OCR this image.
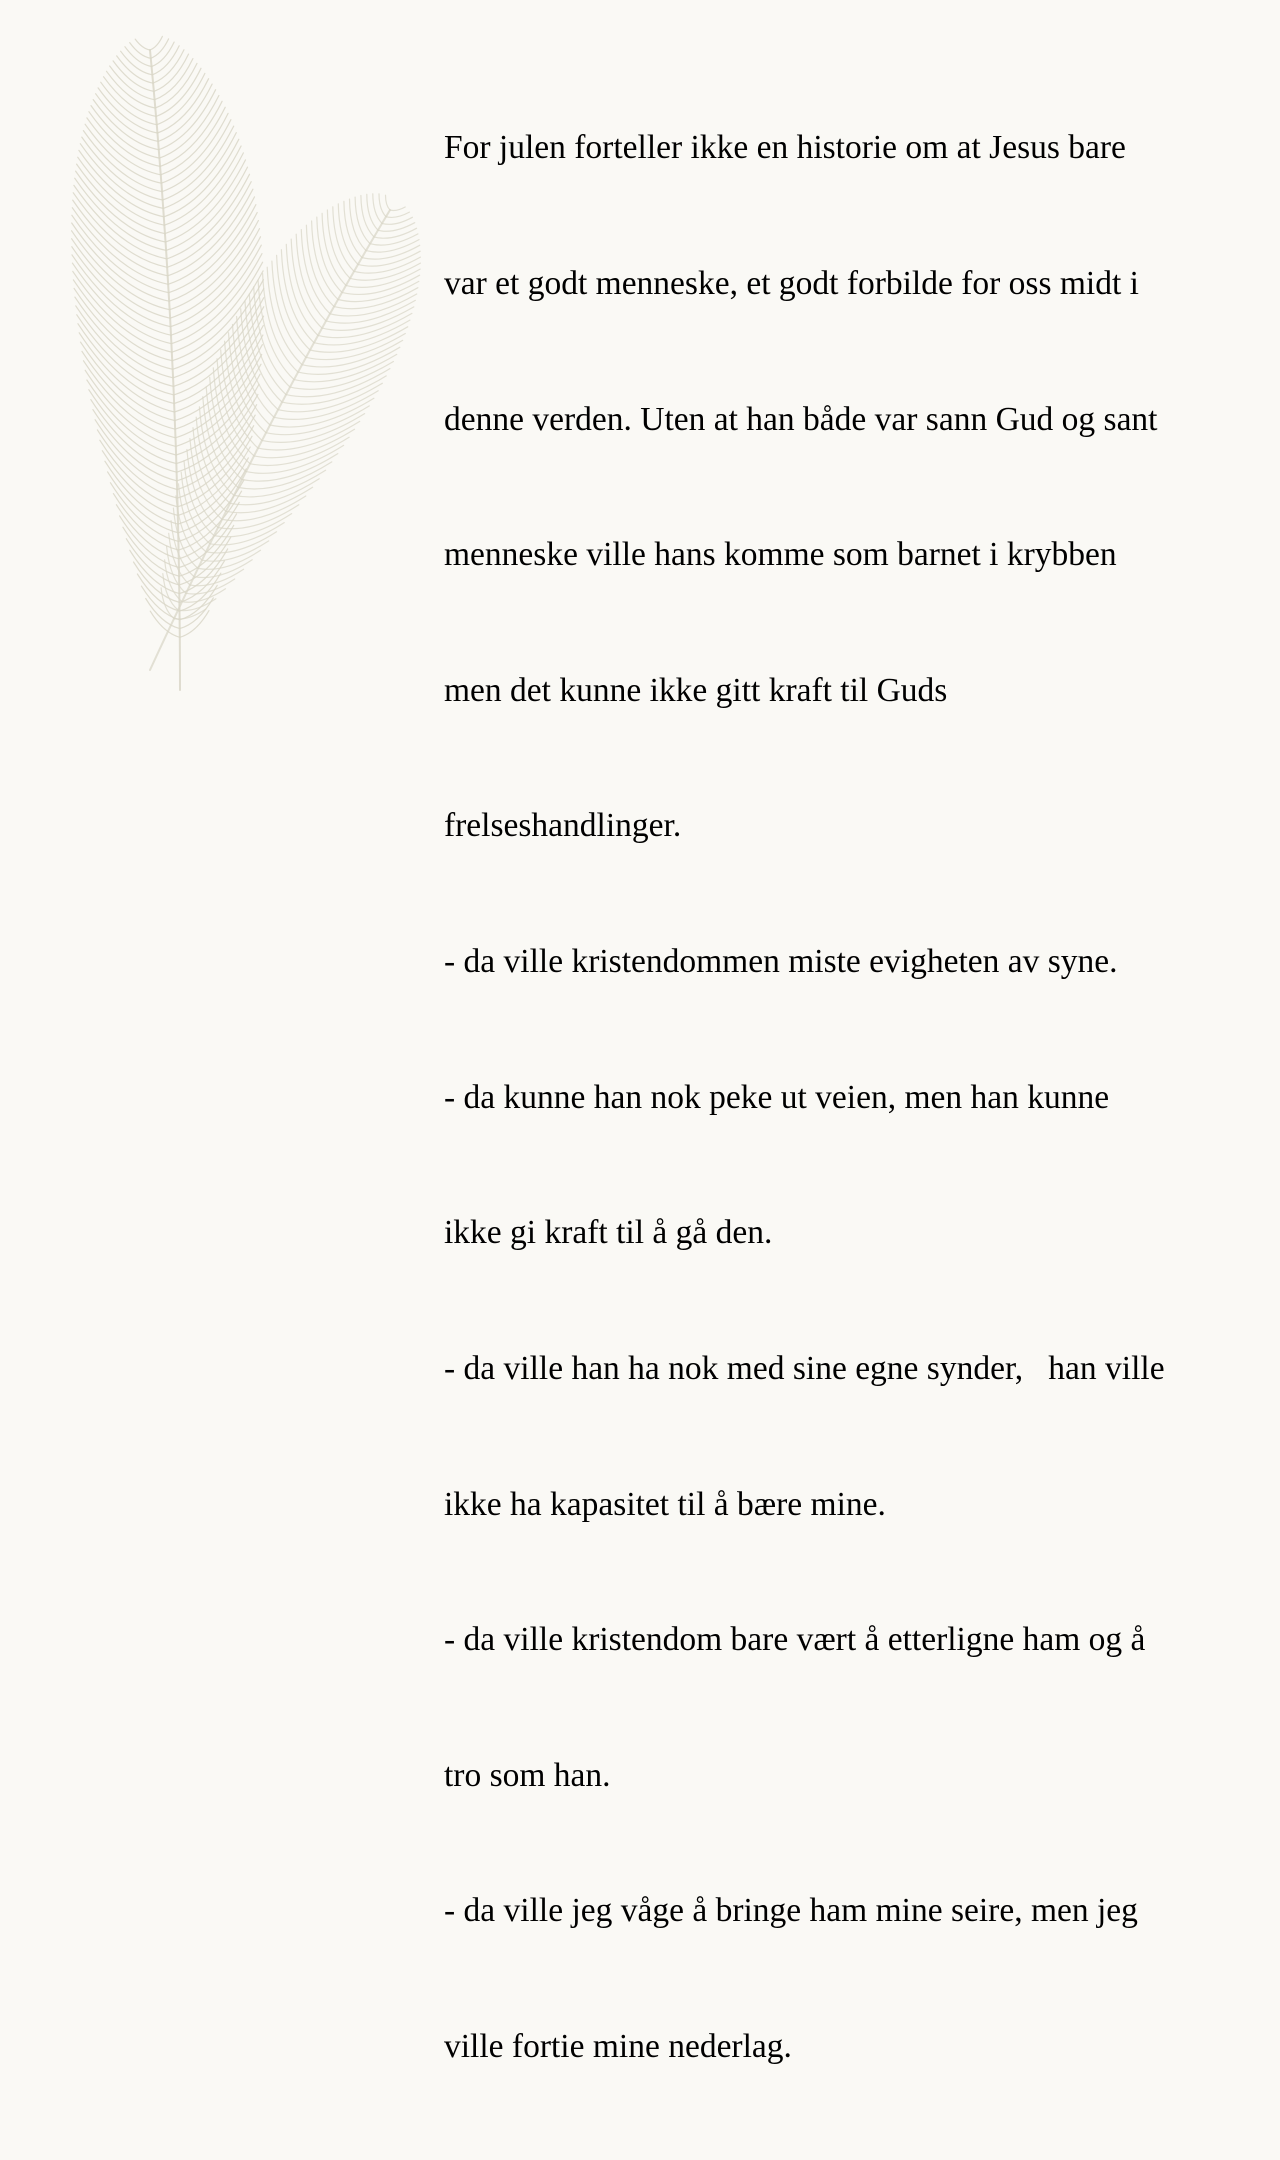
For julen forteller ikke en historie om at Jesus bare

var et godt menneske, et godt forbilde for oss midt i

denne verden. Uten at han både var sann Gud og sant

menneske ville hans komme som barnet i krybben

men det kunne ikke gitt kraft til Guds

frelseshandlinger.

- da ville kristendommen miste evigheten av syne.

- da kunne han nok peke ut veien, men han kunne

ikke gi kraft til å gå den.

- da ville han ha nok med sine egne synder,   han ville

ikke ha kapasitet til å bære mine.

- da ville kristendom bare vært å etterligne ham og å

tro som han.

- da ville jeg våge å bringe ham mine seire, men jeg

ville fortie mine nederlag.
